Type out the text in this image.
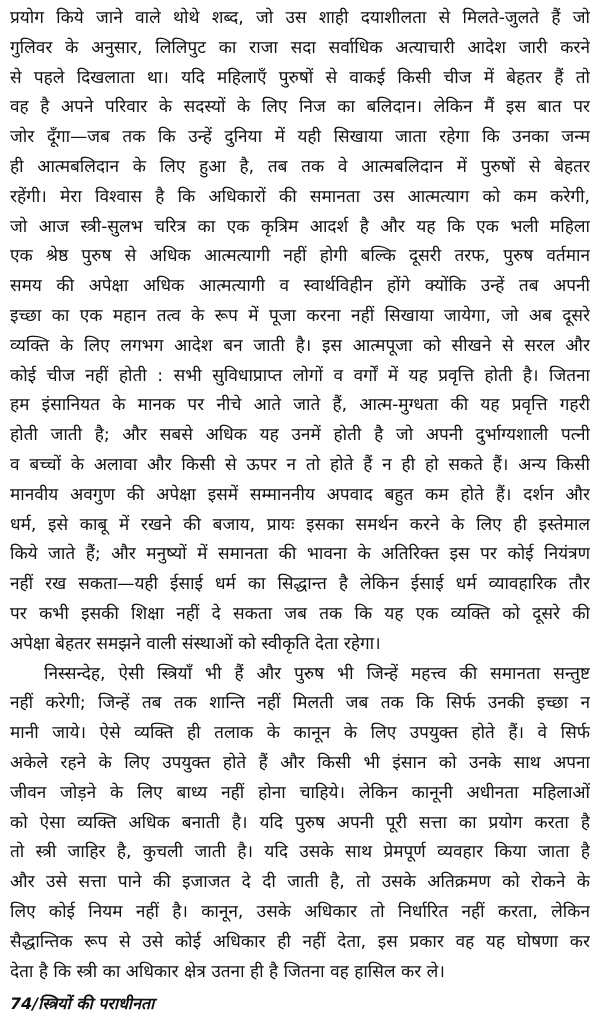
प्रयोग किये जाने वाले थोथे शब्द, जो उस शाही दयाशीलता से मिलते-जुलते हैं जो
गुलिवर के अनुसार, लिलिपुट का राजा सदा सर्वाधिक अत्याचारी आदेश जारी करने
से पहले दिखलाता था। यदि महिलाएँ पुरुषों से वाकई किसी चीज में बेहतर हैं तो
वह है अपने परिवार के सदस्यों के लिए निज का बलिदान। लेकिन मैं इस बात पर
जोर दूँगा—जब तक कि उन्हें दुनिया में यही सिखाया जाता रहेगा कि उनका जन्म
ही आत्मबलिदान के लिए हुआ है, तब तक वे आत्मबलिदान में पुरुषों से बेहतर
रहेंगी। मेरा विश्वास है कि अधिकारों की समानता उस आत्मत्याग को कम करेगी,
जो आज स्त्री-सुलभ चरित्र का एक कृत्रिम आदर्श है और यह कि एक भली महिला
एक श्रेष्ठ पुरुष से अधिक आत्मत्यागी नहीं होगी बल्कि दूसरी तरफ, पुरुष वर्तमान
समय की अपेक्षा अधिक आत्मत्यागी व स्वार्थविहीन होंगे क्योंकि उन्हें तब अपनी
इच्छा का एक महान तत्व के रूप में पूजा करना नहीं सिखाया जायेगा, जो अब दूसरे
व्यक्ति के लिए लगभग आदेश बन जाती है। इस आत्मपूजा को सीखने से सरल और
कोई चीज नहीं होती : सभी सुविधाप्राप्त लोगों व वर्गों में यह प्रवृत्ति होती है। जितना
हम इंसानियत के मानक पर नीचे आते जाते हैं, आत्म-मुग्धता की यह प्रवृत्ति गहरी
होती जाती है; और सबसे अधिक यह उनमें होती है जो अपनी दुर्भाग्यशाली पत्नी
व बच्चों के अलावा और किसी से ऊपर न तो होते हैं न ही हो सकते हैं। अन्य किसी
मानवीय अवगुण की अपेक्षा इसमें सम्माननीय अपवाद बहुत कम होते हैं। दर्शन और
धर्म, इसे काबू में रखने की बजाय, प्रायः इसका समर्थन करने के लिए ही इस्तेमाल
किये जाते हैं; और मनुष्यों में समानता की भावना के अतिरिक्त इस पर कोई नियंत्रण
नहीं रख सकता—यही ईसाई धर्म का सिद्धान्त है लेकिन ईसाई धर्म व्यावहारिक तौर
पर कभी इसकी शिक्षा नहीं दे सकता जब तक कि यह एक व्यक्ति को दूसरे की
अपेक्षा बेहतर समझने वाली संस्थाओं को स्वीकृति देता रहेगा।
निस्सन्देह, ऐसी स्त्रियाँ भी हैं और पुरुष भी जिन्हें महत्त्व की समानता सन्तुष्ट
नहीं करेगी; जिन्हें तब तक शान्ति नहीं मिलती जब तक कि सिर्फ उनकी इच्छा न
मानी जाये। ऐसे व्यक्ति ही तलाक के कानून के लिए उपयुक्त होते हैं। वे सिर्फ
अकेले रहने के लिए उपयुक्त होते हैं और किसी भी इंसान को उनके साथ अपना
जीवन जोड़ने के लिए बाध्य नहीं होना चाहिये। लेकिन कानूनी अधीनता महिलाओं
को ऐसा व्यक्ति अधिक बनाती है। यदि पुरुष अपनी पूरी सत्ता का प्रयोग करता है
तो स्त्री जाहिर है, कुचली जाती है। यदि उसके साथ प्रेमपूर्ण व्यवहार किया जाता है
और उसे सत्ता पाने की इजाजत दे दी जाती है, तो उसके अतिक्रमण को रोकने के
लिए कोई नियम नहीं है। कानून, उसके अधिकार तो निर्धारित नहीं करता, लेकिन
सैद्धान्तिक रूप से उसे कोई अधिकार ही नहीं देता, इस प्रकार वह यह घोषणा कर
देता है कि स्त्री का अधिकार क्षेत्र उतना ही है जितना वह हासिल कर ले।
74/स्त्रियों की पराधीनता
